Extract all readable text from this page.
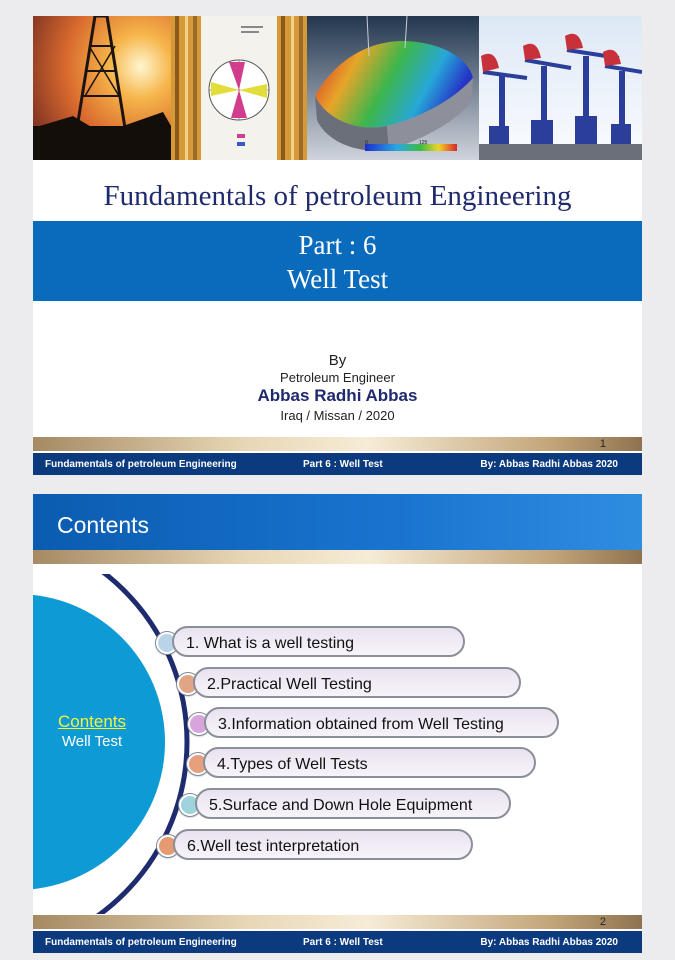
0	125
Fundamentals of petroleum Engineering
Part : 6
Well Test
By
Petroleum Engineer
Abbas Radhi Abbas
Iraq / Missan / 2020
1
Fundamentals of petroleum Engineering	Part 6 : Well Test	By: Abbas Radhi Abbas 2020
Contents
Contents
Well Test
1. What is a well testing
2.Practical Well Testing
3.Information obtained from Well Testing
4.Types of Well Tests
5.Surface and Down Hole Equipment
6.Well test interpretation
2
Fundamentals of petroleum Engineering	Part 6 : Well Test	By: Abbas Radhi Abbas 2020
